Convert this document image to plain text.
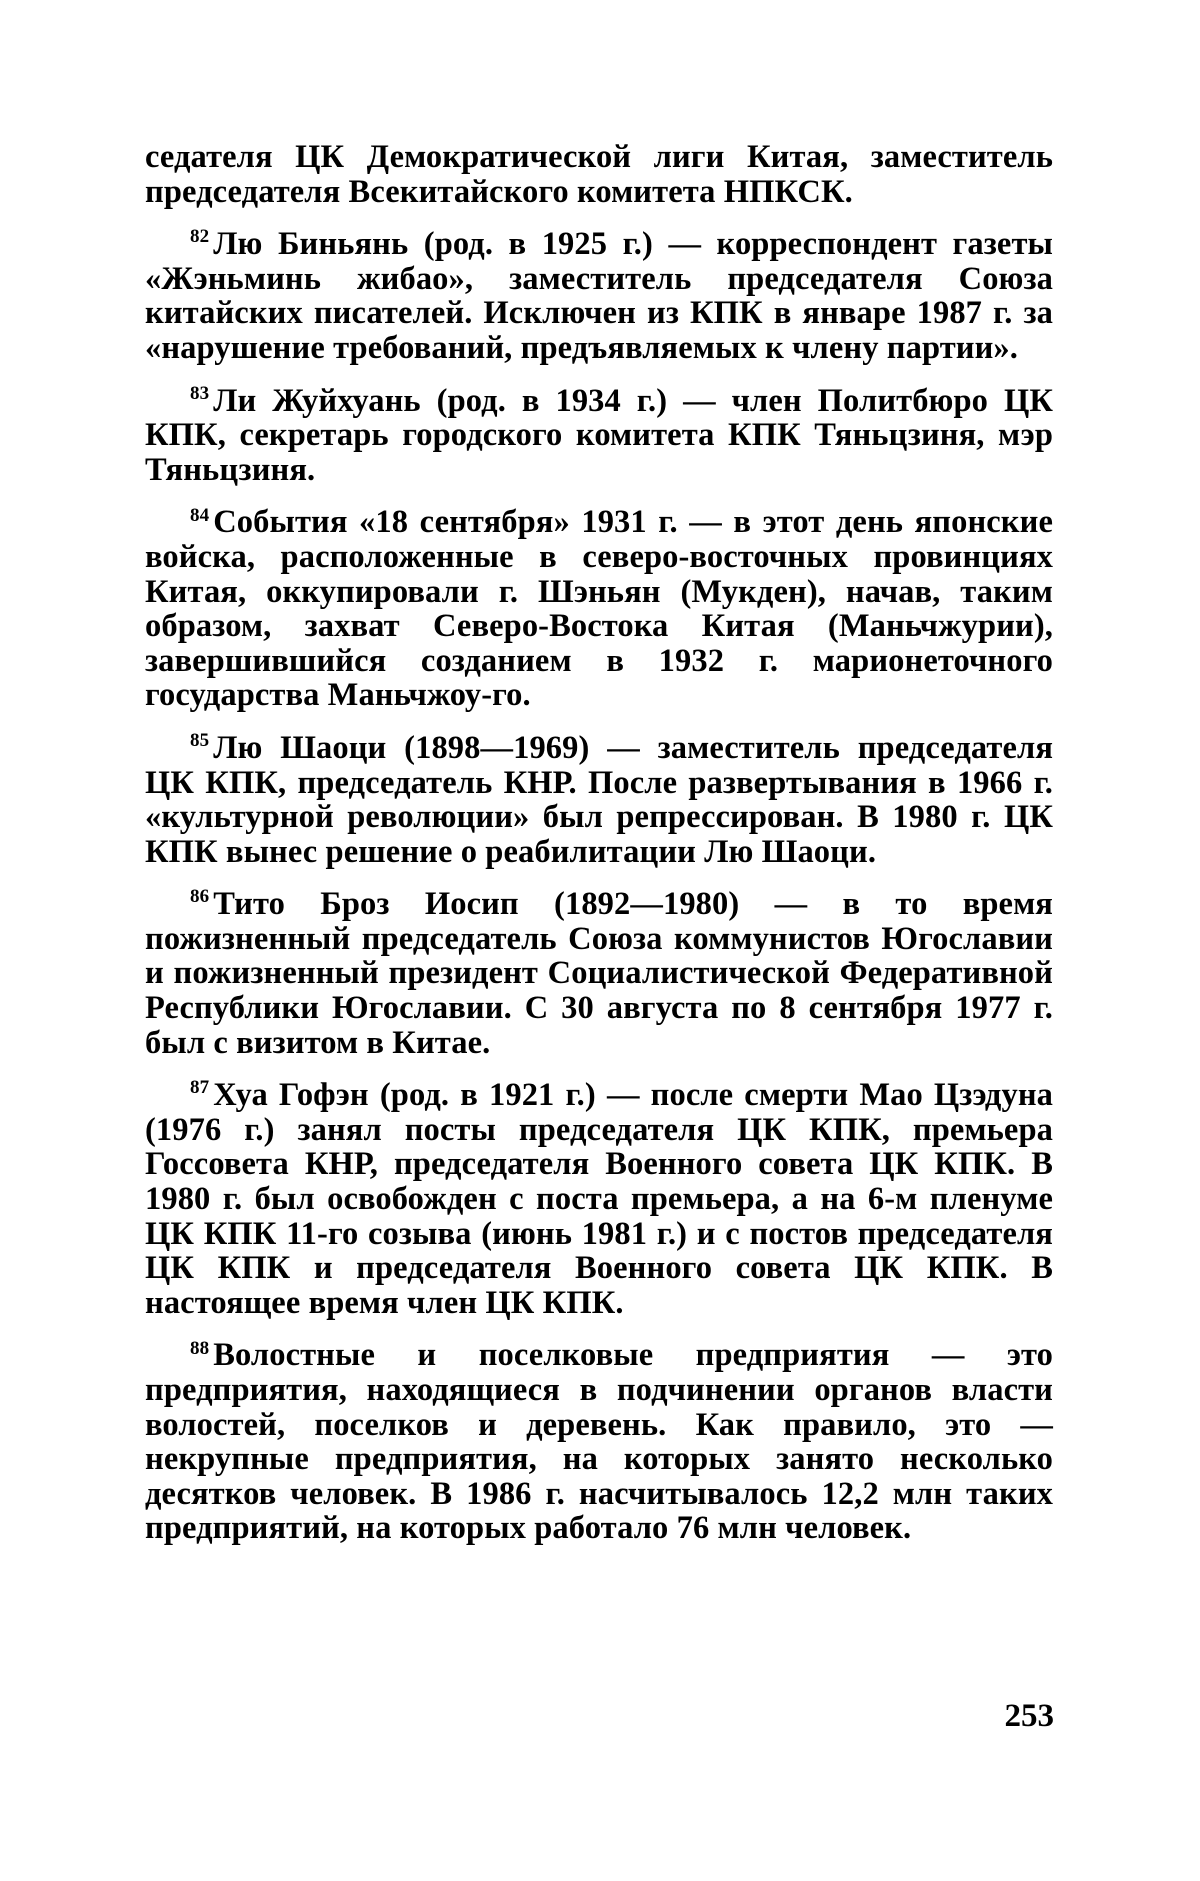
седателя ЦК Демократической лиги Китая, заместитель председателя Всекитайского комитета НПКСК.

$^{82}$ Лю Биньянь (род. в 1925 г.) — корреспондент газеты «Жэньминь жибао», заместитель председателя Союза китайских писателей. Исключен из КПК в январе 1987 г. за «нарушение требований, предъявляемых к члену партии».

$^{83}$ Ли Жуйхуань (род. в 1934 г.) — член Политбюро ЦК КПК, секретарь городского комитета КПК Тяньцзиня, мэр Тяньцзиня.

$^{84}$ События «18 сентября» 1931 г. — в этот день японские войска, расположенные в северо-восточных провинциях Китая, оккупировали г. Шэньян (Мукден), начав, таким образом, захват Северо-Востока Китая (Маньчжурии), завершившийся созданием в 1932 г. марионеточного государства Маньчжоу-го.

$^{85}$ Лю Шаоци (1898—1969) — заместитель председателя ЦК КПК, председатель КНР. После развертывания в 1966 г. «культурной революции» был репрессирован. В 1980 г. ЦК КПК вынес решение о реабилитации Лю Шаоци.

$^{86}$ Тито Броз Иосип (1892—1980) — в то время пожизненный председатель Союза коммунистов Югославии и пожизненный президент Социалистической Федеративной Республики Югославии. С 30 августа по 8 сентября 1977 г. был с визитом в Китае.

$^{87}$ Хуа Гофэн (род. в 1921 г.) — после смерти Мао Цзэдуна (1976 г.) занял посты председателя ЦК КПК, премьера Госсовета КНР, председателя Военного совета ЦК КПК. В 1980 г. был освобожден с поста премьера, а на 6-м пленуме ЦК КПК 11-го созыва (июнь 1981 г.) и с постов председателя ЦК КПК и председателя Военного совета ЦК КПК. В настоящее время член ЦК КПК.

$^{88}$ Волостные и поселковые предприятия — это предприятия, находящиеся в подчинении органов власти волостей, поселков и деревень. Как правило, это — некрупные предприятия, на которых занято несколько десятков человек. В 1986 г. насчитывалось 12,2 млн таких предприятий, на которых работало 76 млн человек.

253
